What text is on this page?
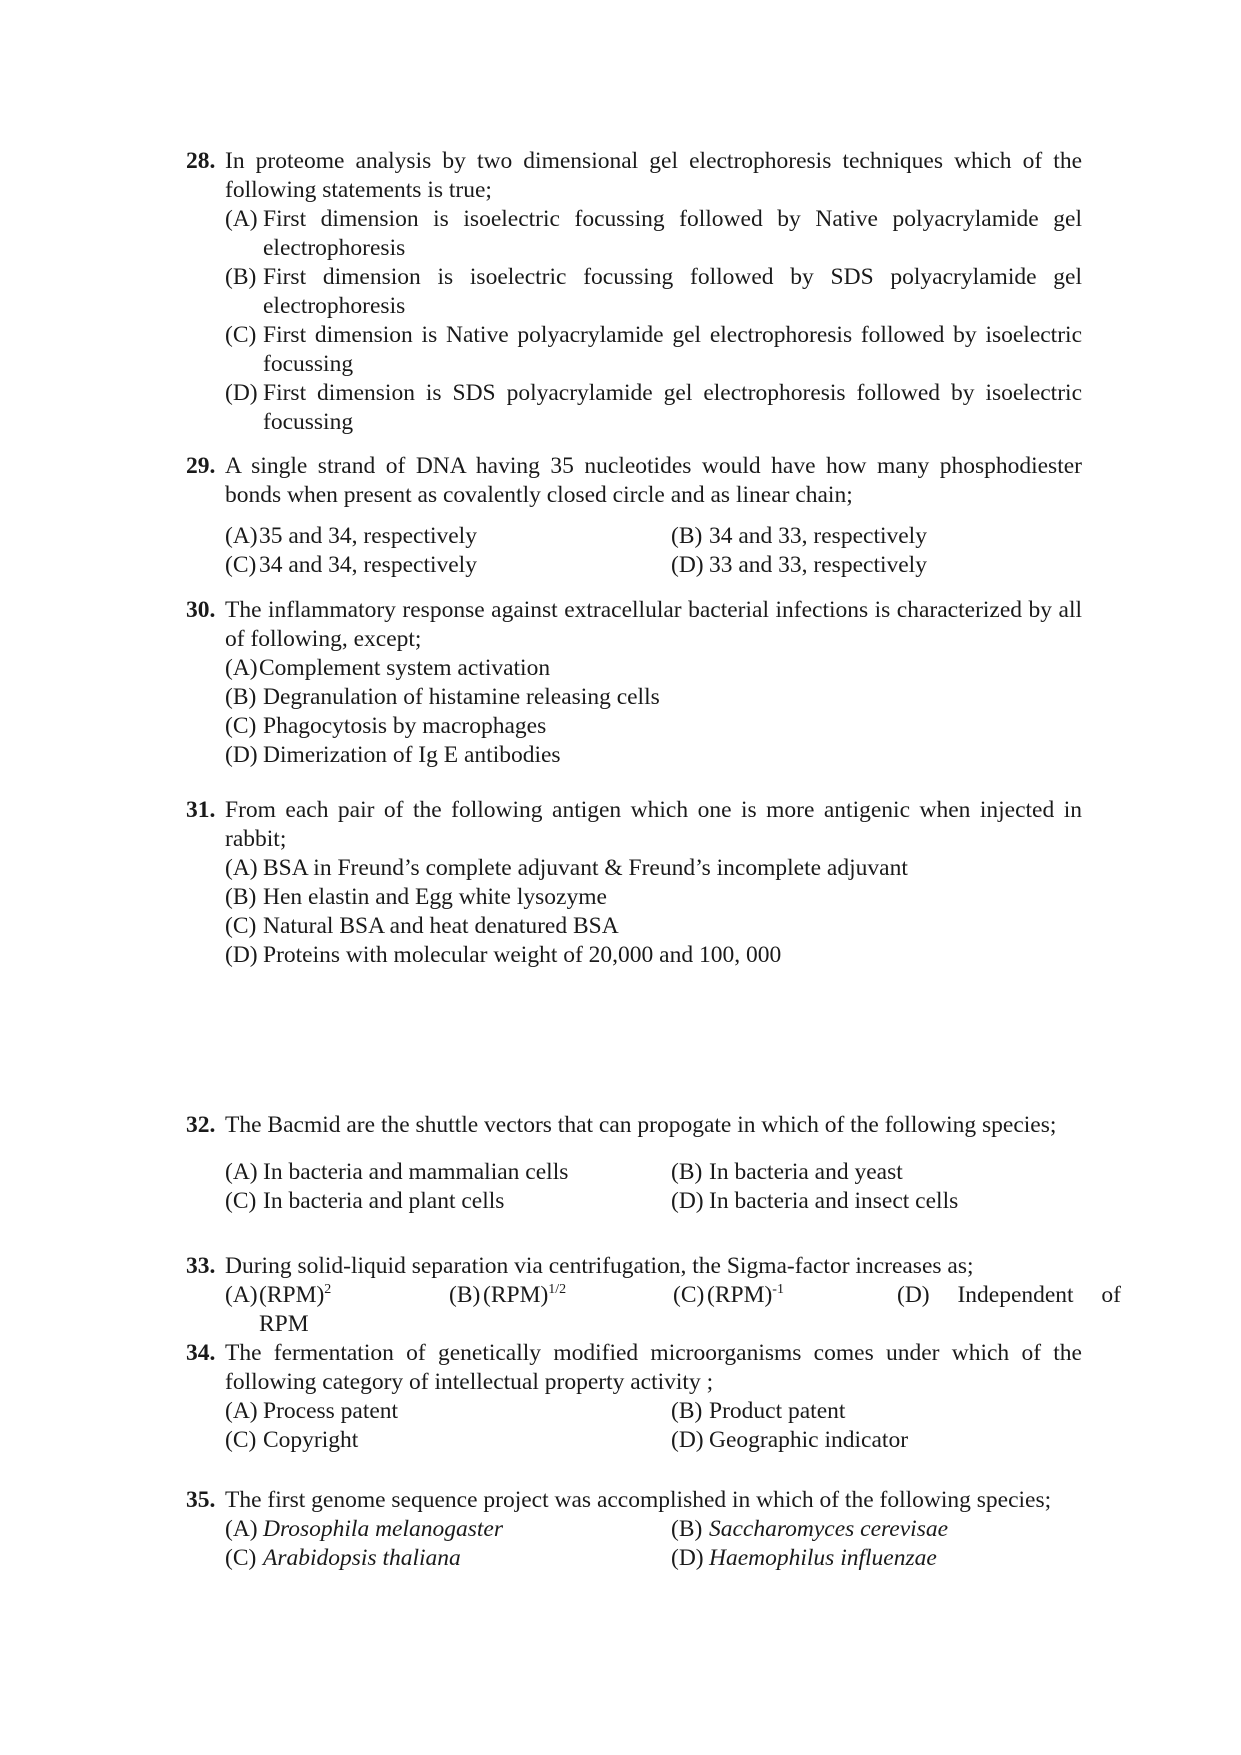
28. In proteome analysis by two dimensional gel electrophoresis techniques which of the following statements is true;
(A) First dimension is isoelectric focussing followed by Native polyacrylamide gel electrophoresis
(B) First dimension is isoelectric focussing followed by SDS polyacrylamide gel electrophoresis
(C) First dimension is Native polyacrylamide gel electrophoresis followed by isoelectric focussing
(D) First dimension is SDS polyacrylamide gel electrophoresis followed by isoelectric focussing
29. A single strand of DNA having 35 nucleotides would have how many phosphodiester bonds when present as covalently closed circle and as linear chain;
(A) 35 and 34, respectively	(B) 34 and 33, respectively
(C) 34 and 34, respectively	(D) 33 and 33, respectively
30. The inflammatory response against extracellular bacterial infections is characterized by all of following, except;
(A) Complement system activation
(B) Degranulation of histamine releasing cells
(C) Phagocytosis by macrophages
(D) Dimerization of Ig E antibodies
31. From each pair of the following antigen which one is more antigenic when injected in rabbit;
(A) BSA in Freund’s complete adjuvant & Freund’s incomplete adjuvant
(B) Hen elastin and Egg white lysozyme
(C) Natural BSA and heat denatured BSA
(D) Proteins with molecular weight of 20,000 and 100, 000
32. The Bacmid are the shuttle vectors that can propogate in which of the following species;
(A) In bacteria and mammalian cells	(B) In bacteria and yeast
(C) In bacteria and plant cells	(D) In bacteria and insect cells
33. During solid-liquid separation via centrifugation, the Sigma-factor increases as;
(A) (RPM)$^2$	(B) (RPM)$^{1/2}$	(C) (RPM)$^{-1}$	(D) Independent of
RPM
34. The fermentation of genetically modified microorganisms comes under which of the following category of intellectual property activity ;
(A) Process patent	(B) Product patent
(C) Copyright	(D) Geographic indicator
35. The first genome sequence project was accomplished in which of the following species;
(A) Drosophila melanogaster	(B) Saccharomyces cerevisae
(C) Arabidopsis thaliana	(D) Haemophilus influenzae
